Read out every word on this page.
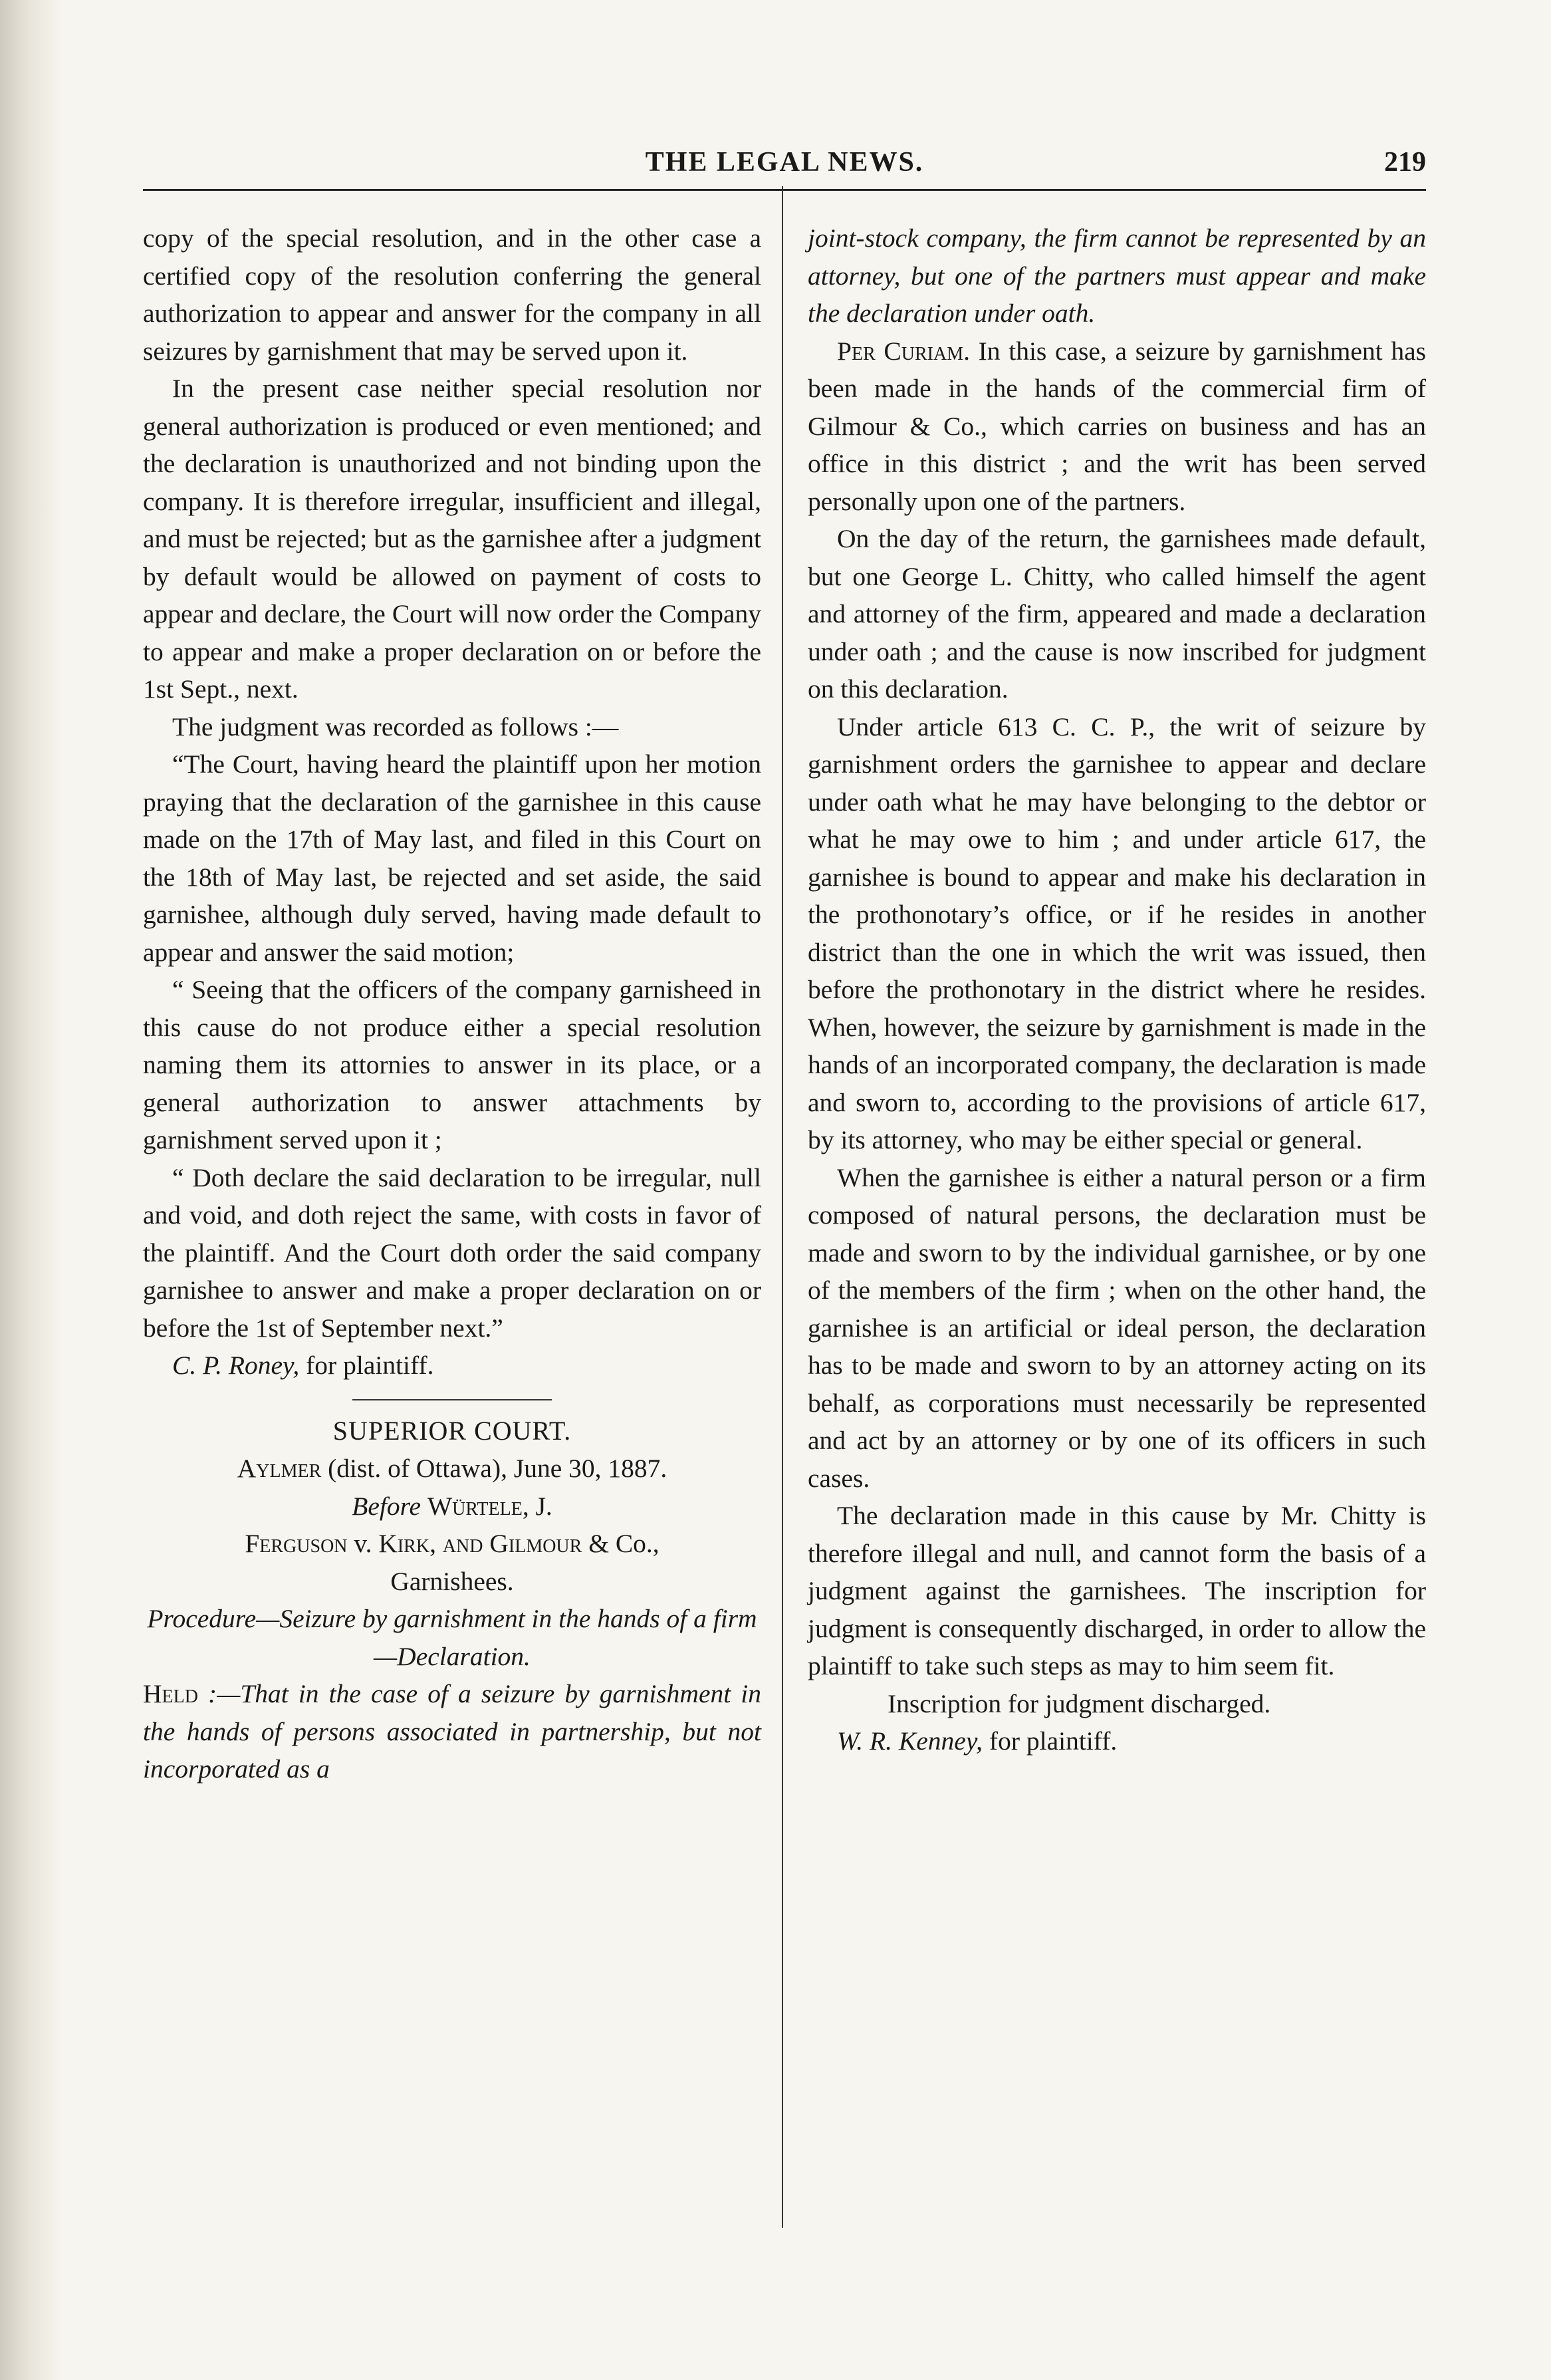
THE LEGAL NEWS.	219

copy of the special resolution, and in the other case a certified copy of the resolution conferring the general authorization to appear and answer for the company in all seizures by garnishment that may be served upon it.

In the present case neither special resolution nor general authorization is produced or even mentioned; and the declaration is unauthorized and not binding upon the company. It is therefore irregular, insufficient and illegal, and must be rejected; but as the garnishee after a judgment by default would be allowed on payment of costs to appear and declare, the Court will now order the Company to appear and make a proper declaration on or before the 1st Sept., next.

The judgment was recorded as follows :—

“The Court, having heard the plaintiff upon her motion praying that the declaration of the garnishee in this cause made on the 17th of May last, and filed in this Court on the 18th of May last, be rejected and set aside, the said garnishee, although duly served, having made default to appear and answer the said motion;

“ Seeing that the officers of the company garnisheed in this cause do not produce either a special resolution naming them its attornies to answer in its place, or a general authorization to answer attachments by garnishment served upon it ;

“ Doth declare the said declaration to be irregular, null and void, and doth reject the same, with costs in favor of the plaintiff. And the Court doth order the said company garnishee to answer and make a proper declaration on or before the 1st of September next.”

C. P. Roney, for plaintiff.

SUPERIOR COURT.

Aylmer (dist. of Ottawa), June 30, 1887.

Before Würtele, J.

Ferguson v. Kirk, and Gilmour & Co.,

Garnishees.

Procedure—Seizure by garnishment in the hands of a firm—Declaration.

Held :—That in the case of a seizure by garnishment in the hands of persons associated in partnership, but not incorporated as a

joint-stock company, the firm cannot be represented by an attorney, but one of the partners must appear and make the declaration under oath.

Per Curiam. In this case, a seizure by garnishment has been made in the hands of the commercial firm of Gilmour & Co., which carries on business and has an office in this district ; and the writ has been served personally upon one of the partners.

On the day of the return, the garnishees made default, but one George L. Chitty, who called himself the agent and attorney of the firm, appeared and made a declaration under oath ; and the cause is now inscribed for judgment on this declaration.

Under article 613 C. C. P., the writ of seizure by garnishment orders the garnishee to appear and declare under oath what he may have belonging to the debtor or what he may owe to him ; and under article 617, the garnishee is bound to appear and make his declaration in the prothonotary’s office, or if he resides in another district than the one in which the writ was issued, then before the prothonotary in the district where he resides. When, however, the seizure by garnishment is made in the hands of an incorporated company, the declaration is made and sworn to, according to the provisions of article 617, by its attorney, who may be either special or general.

When the garnishee is either a natural person or a firm composed of natural persons, the declaration must be made and sworn to by the individual garnishee, or by one of the members of the firm ; when on the other hand, the garnishee is an artificial or ideal person, the declaration has to be made and sworn to by an attorney acting on its behalf, as corporations must necessarily be represented and act by an attorney or by one of its officers in such cases.

The declaration made in this cause by Mr. Chitty is therefore illegal and null, and cannot form the basis of a judgment against the garnishees. The inscription for judgment is consequently discharged, in order to allow the plaintiff to take such steps as may to him seem fit.

Inscription for judgment discharged.

W. R. Kenney, for plaintiff.
